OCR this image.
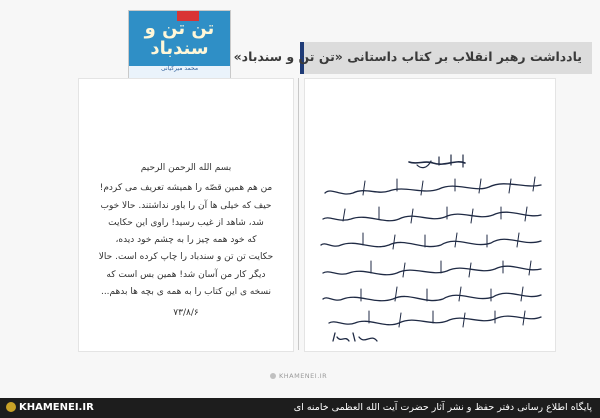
یادداشت رهبر انقلاب بر کتاب داستانی «تن تن و سندباد»
تن تن و
سندباد
محمد میرکیانی

بسم الله الرحمن الرحیم

من هم همین قصّه را همیشه تعریف می کردم!

حیف که خیلی ها آن را باور نداشتند. حالا خوب

شد، شاهد از غیب رسید! راوی این حکایت

که خود همه چیز را به چشم خود دیده،

حکایت تن تن و سندباد را چاپ کرده است. حالا

دیگر کار من آسان شد! همین بس است که

نسخه ی این کتاب را به همه ی بچه ها بدهم...

۷۳/۸/۶

KHAMENEI.IR
KHAMENEI.IR	پایگاه اطلاع رسانی دفتر حفظ و نشر آثار حضرت آیت الله العظمی خامنه ای
